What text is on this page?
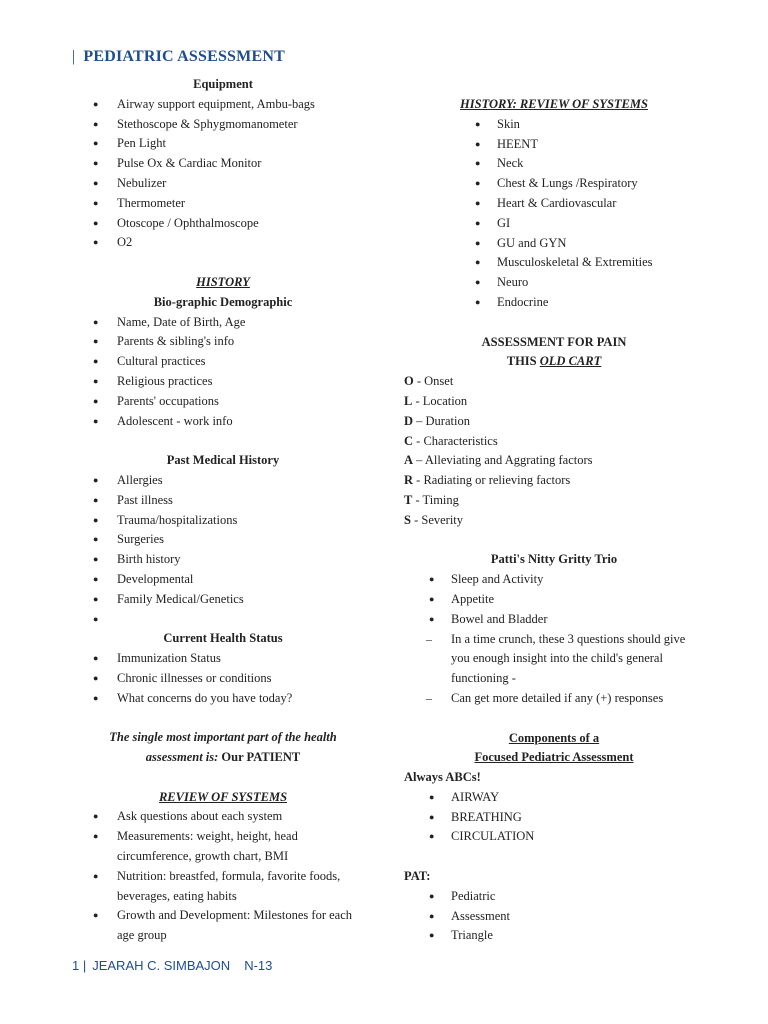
| PEDIATRIC ASSESSMENT
Equipment
● Airway support equipment, Ambu-bags
● Stethoscope & Sphygmomanometer
● Pen Light
● Pulse Ox & Cardiac Monitor
● Nebulizer
● Thermometer
● Otoscope / Ophthalmoscope
● O2
HISTORY
Bio-graphic Demographic
● Name, Date of Birth, Age
● Parents & sibling's info
● Cultural practices
● Religious practices
● Parents' occupations
● Adolescent - work info
Past Medical History
● Allergies
● Past illness
● Trauma/hospitalizations
● Surgeries
● Birth history
● Developmental
● Family Medical/Genetics
●
Current Health Status
● Immunization Status
● Chronic illnesses or conditions
● What concerns do you have today?
The single most important part of the health assessment is: Our PATIENT
REVIEW OF SYSTEMS
● Ask questions about each system
● Measurements: weight, height, head circumference, growth chart, BMI
● Nutrition: breastfed, formula, favorite foods, beverages, eating habits
● Growth and Development: Milestones for each age group
HISTORY: REVIEW OF SYSTEMS
● Skin
● HEENT
● Neck
● Chest & Lungs /Respiratory
● Heart & Cardiovascular
● GI
● GU and GYN
● Musculoskeletal & Extremities
● Neuro
● Endocrine
ASSESSMENT FOR PAIN
THIS OLD CART
O - Onset
L - Location
D – Duration
C - Characteristics
A – Alleviating and Aggrating factors
R - Radiating or relieving factors
T - Timing
S - Severity
Patti's Nitty Gritty Trio
● Sleep and Activity
● Appetite
● Bowel and Bladder
– In a time crunch, these 3 questions should give you enough insight into the child's general functioning -
– Can get more detailed if any (+) responses
Components of a
Focused Pediatric Assessment
Always ABCs!
● AIRWAY
● BREATHING
● CIRCULATION
PAT:
● Pediatric
● Assessment
● Triangle
1 | JEARAH C. SIMBAJON N-13
